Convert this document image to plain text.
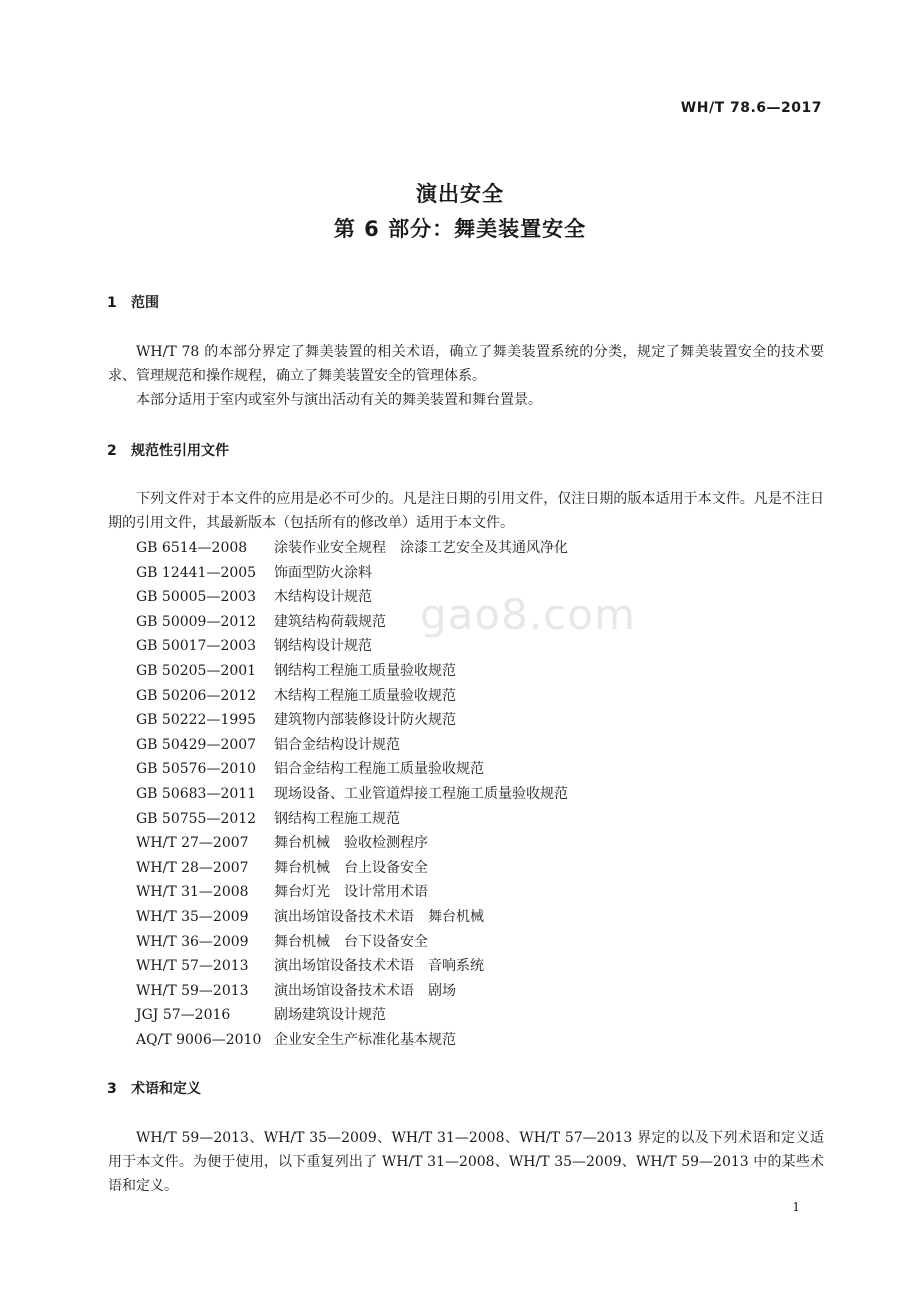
WH/T 78.6—2017
演出安全
第 6 部分：舞美装置安全
1 范围
WH/T 78 的本部分界定了舞美装置的相关术语，确立了舞美装置系统的分类，规定了舞美装置安全的技术要求、管理规范和操作规程，确立了舞美装置安全的管理体系。
本部分适用于室内或室外与演出活动有关的舞美装置和舞台置景。
2 规范性引用文件
下列文件对于本文件的应用是必不可少的。凡是注日期的引用文件，仅注日期的版本适用于本文件。凡是不注日期的引用文件，其最新版本（包括所有的修改单）适用于本文件。
GB 6514—2008 涂装作业安全规程　涂漆工艺安全及其通风净化
GB 12441—2005 饰面型防火涂料
GB 50005—2003 木结构设计规范
GB 50009—2012 建筑结构荷载规范
GB 50017—2003 钢结构设计规范
GB 50205—2001 钢结构工程施工质量验收规范
GB 50206—2012 木结构工程施工质量验收规范
GB 50222—1995 建筑物内部装修设计防火规范
GB 50429—2007 铝合金结构设计规范
GB 50576—2010 铝合金结构工程施工质量验收规范
GB 50683—2011 现场设备、工业管道焊接工程施工质量验收规范
GB 50755—2012 钢结构工程施工规范
WH/T 27—2007 舞台机械　验收检测程序
WH/T 28—2007 舞台机械　台上设备安全
WH/T 31—2008 舞台灯光　设计常用术语
WH/T 35—2009 演出场馆设备技术术语　舞台机械
WH/T 36—2009 舞台机械　台下设备安全
WH/T 57—2013 演出场馆设备技术术语　音响系统
WH/T 59—2013 演出场馆设备技术术语　剧场
JGJ 57—2016	剧场建筑设计规范
AQ/T 9006—2010 企业安全生产标准化基本规范
gao8.com
3 术语和定义
WH/T 59—2013、WH/T 35—2009、WH/T 31—2008、WH/T 57—2013 界定的以及下列术语和定义适用于本文件。为便于使用，以下重复列出了 WH/T 31—2008、WH/T 35—2009、WH/T 59—2013 中的某些术语和定义。
1
